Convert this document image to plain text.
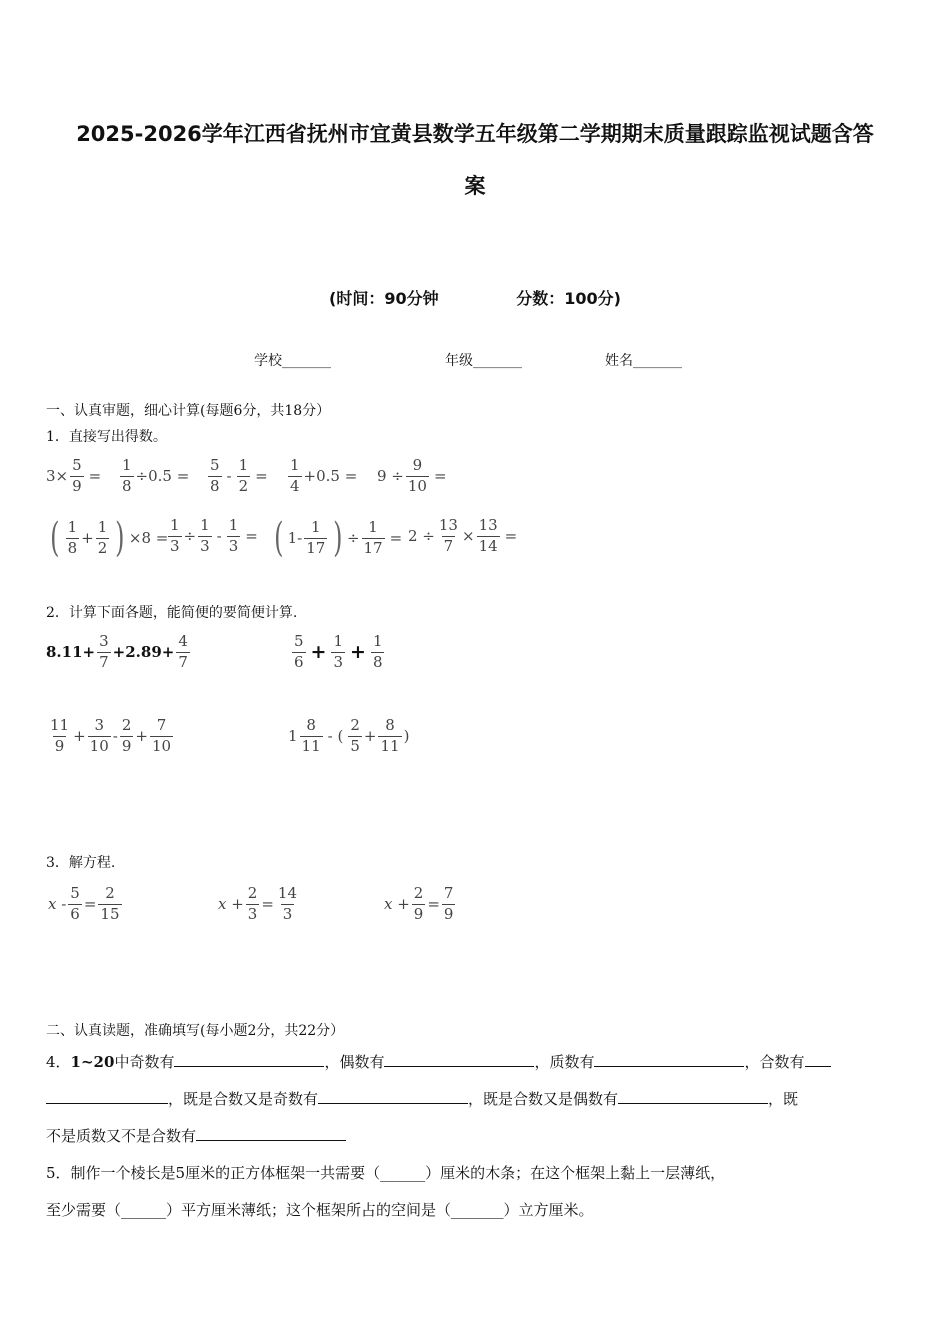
2025-2026学年江西省抚州市宜黄县数学五年级第二学期期末质量跟踪监视试题含答
案
(时间：90分钟	分数：100分)
学校_______	年级_______	姓名_______
一、认真审题，细心计算(每题6分，共18分）
1．直接写出得数。
$3\times \frac{5}{9} = \frac{1}{8} \div 0.5 = \frac{5}{8} - \frac{1}{2} = \frac{1}{4} +0.5 = 9 \div \frac{9}{10}$ =
( $\frac{1}{8} + \frac{1}{2}$ ) $\times 8 = \frac{1}{3} \div \frac{1}{3} - \frac{1}{3}$ = ( $1- \frac{1}{17}$ ) ÷ $\frac{1}{17} = 2 \div \frac{13}{7} \times \frac{13}{14}$ =
2．计算下面各题，能简便的要简便计算.
$8.11+ \frac{3}{7} +2.89+ \frac{4}{7}$	$\frac{5}{6} + \frac{1}{3} + \frac{1}{8}$
$\frac{11}{9} + \frac{3}{10} - \frac{2}{9} + \frac{7}{10}$	$1 \frac{8}{11}$ - ( $\frac{2}{5} + \frac{8}{11}$ )
3．解方程.
$x - \frac{5}{6} = \frac{2}{15}$	$x + \frac{2}{3} = \frac{14}{3}$	$x + \frac{2}{9} = \frac{7}{9}$
二、认真读题，准确填写(每小题2分，共22分）
4．1~20中奇数有	，偶数有	，质数有	，合数有
，既是合数又是奇数有	，既是合数又是偶数有	，既
不是质数又不是合数有
5．制作一个棱长是5厘米的正方体框架一共需要（______）厘米的木条；在这个框架上黏上一层薄纸，
至少需要（______）平方厘米薄纸；这个框架所占的空间是（_______）立方厘米。
